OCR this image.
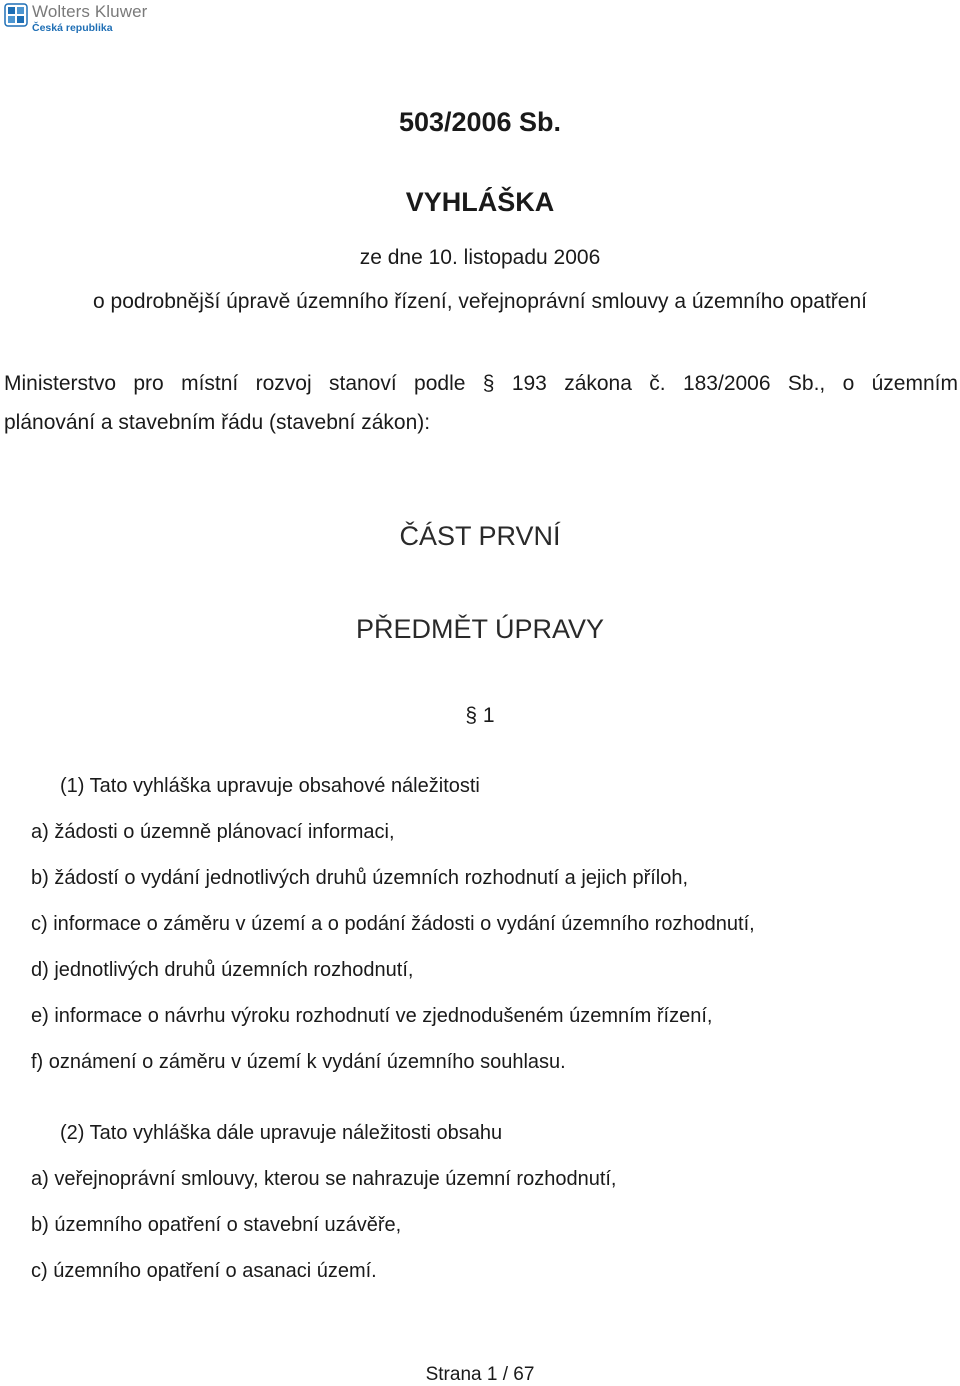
Wolters Kluwer
Česká republika
503/2006 Sb.
VYHLÁŠKA
ze dne 10. listopadu 2006
o podrobnější úpravě územního řízení, veřejnoprávní smlouvy a územního opatření
Ministerstvo pro místní rozvoj stanoví podle § 193 zákona č. 183/2006 Sb., o územním
plánování a stavebním řádu (stavební zákon):
ČÁST PRVNÍ
PŘEDMĚT ÚPRAVY
§ 1
(1) Tato vyhláška upravuje obsahové náležitosti
a) žádosti o územně plánovací informaci,
b) žádostí o vydání jednotlivých druhů územních rozhodnutí a jejich příloh,
c) informace o záměru v území a o podání žádosti o vydání územního rozhodnutí,
d) jednotlivých druhů územních rozhodnutí,
e) informace o návrhu výroku rozhodnutí ve zjednodušeném územním řízení,
f) oznámení o záměru v území k vydání územního souhlasu.
(2) Tato vyhláška dále upravuje náležitosti obsahu
a) veřejnoprávní smlouvy, kterou se nahrazuje územní rozhodnutí,
b) územního opatření o stavební uzávěře,
c) územního opatření o asanaci území.
Strana 1 / 67
